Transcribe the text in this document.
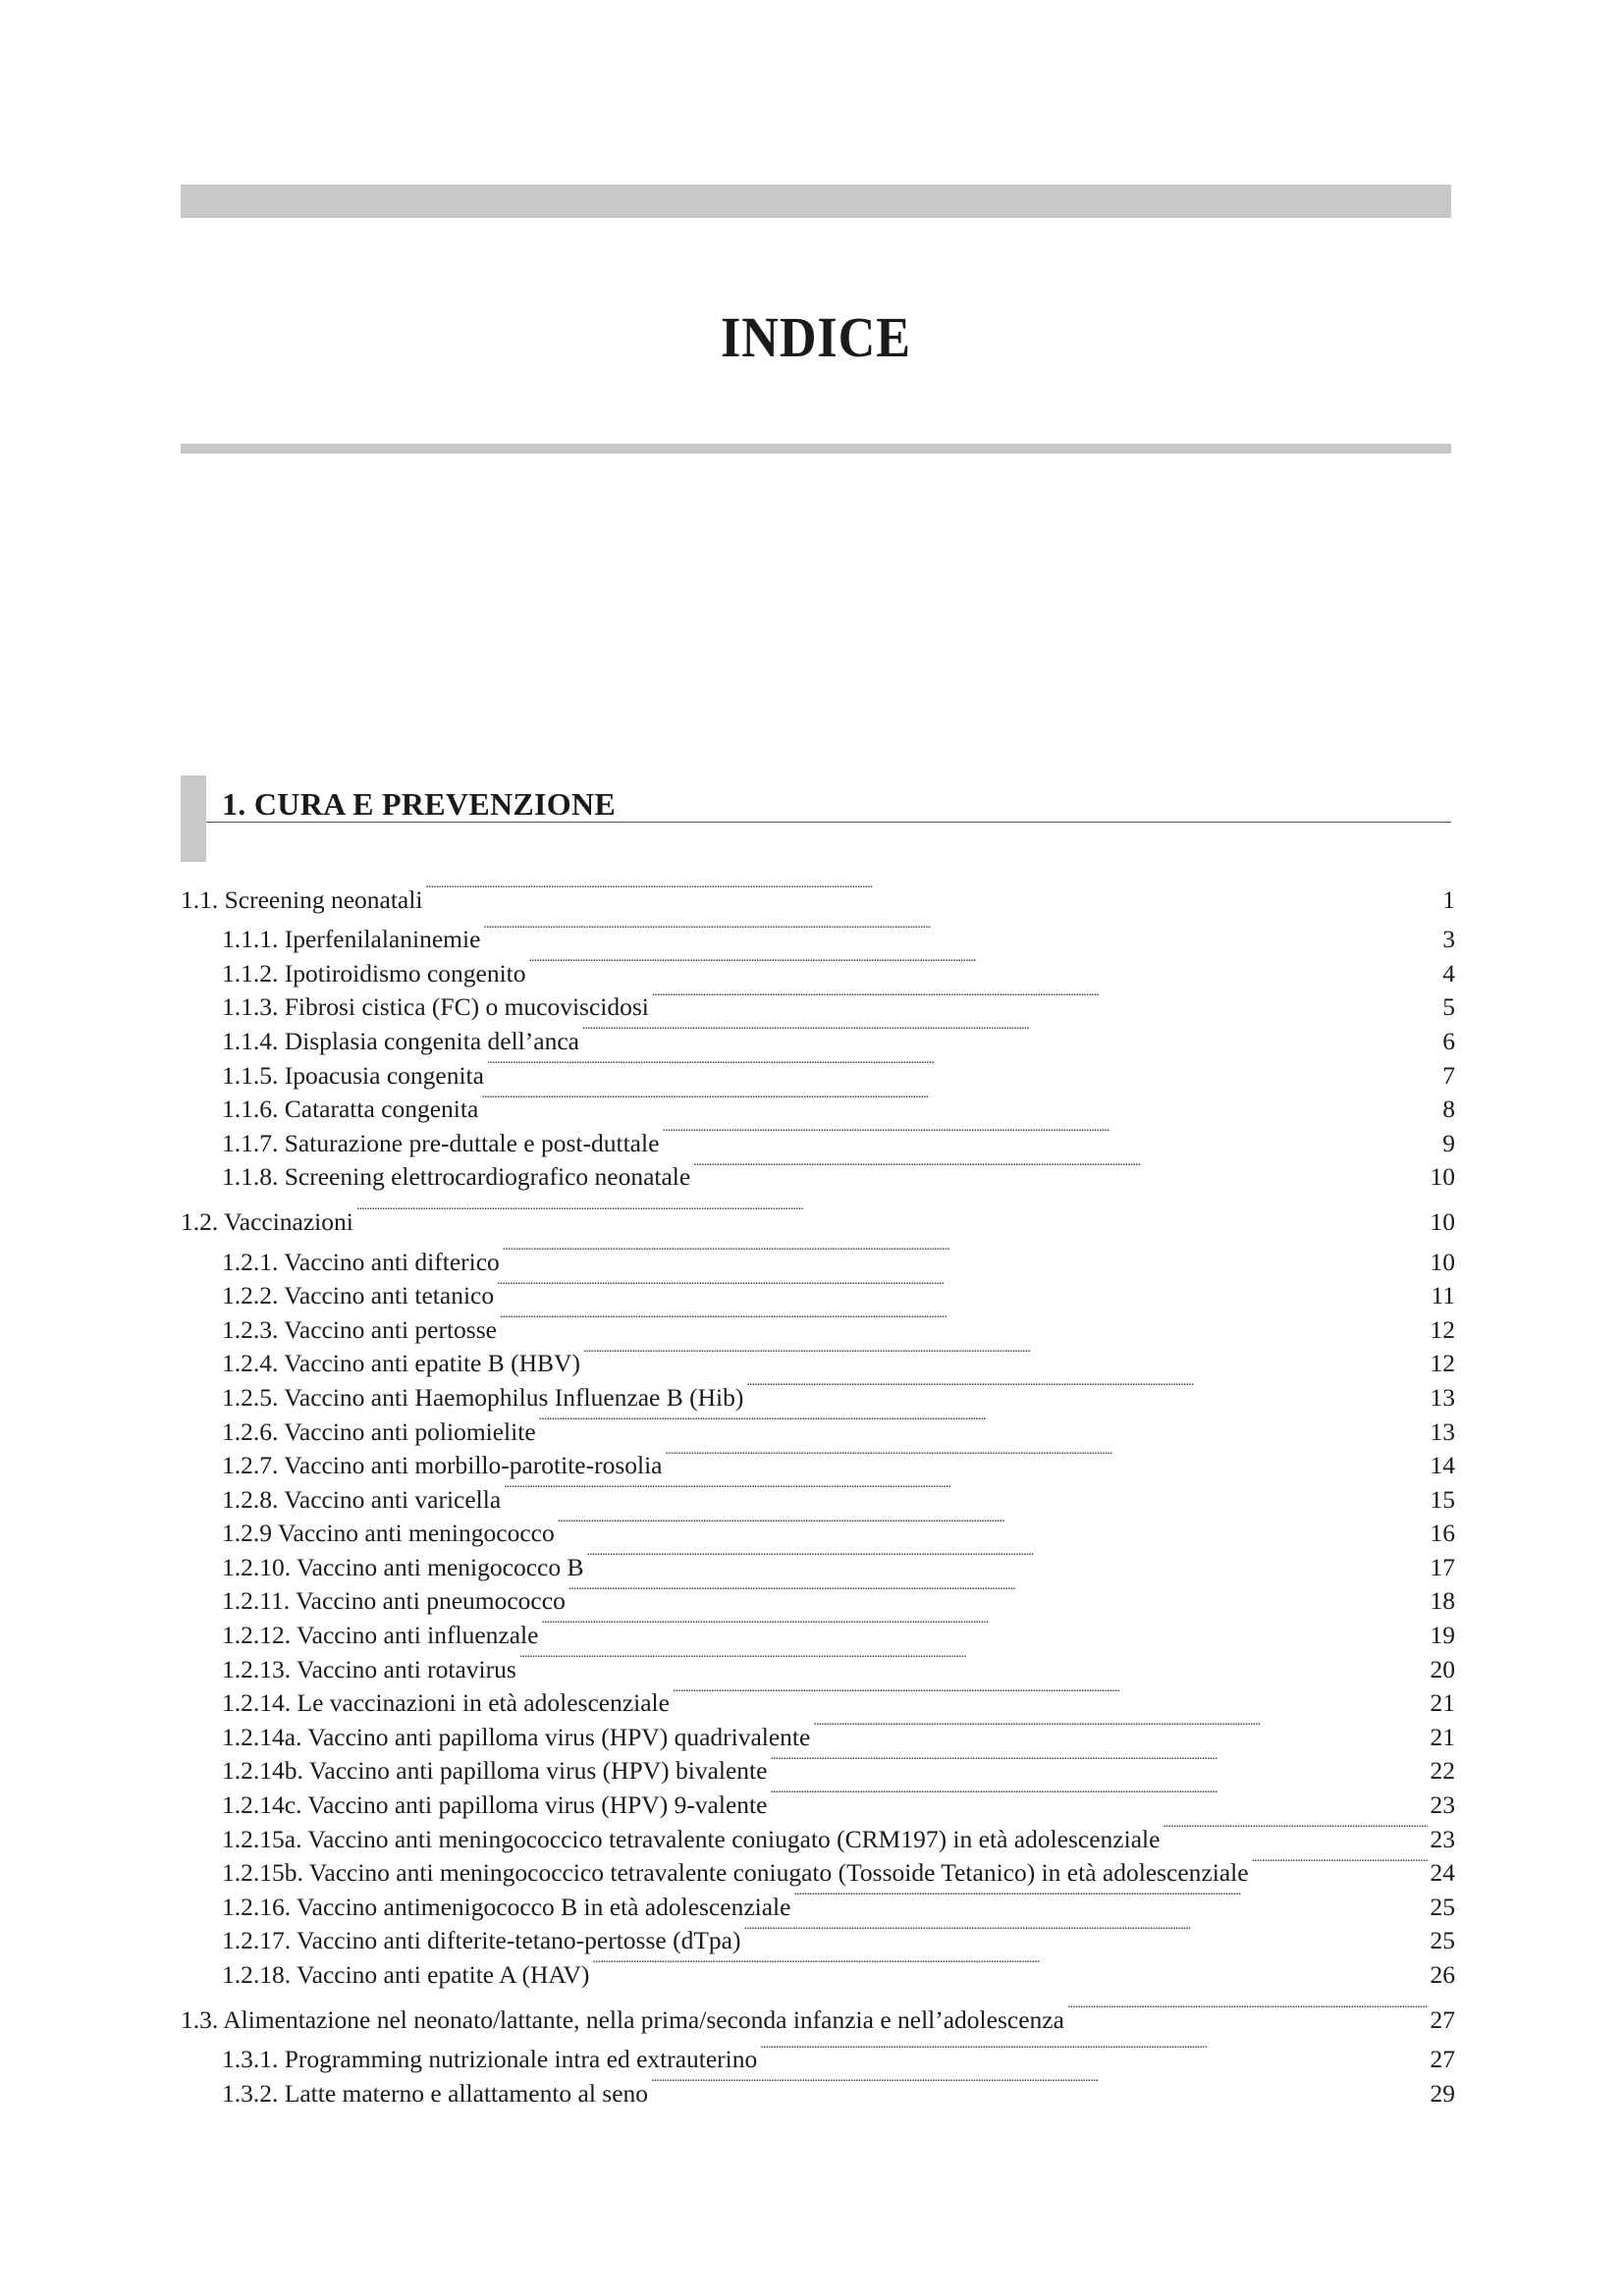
INDICE
1. CURA E PREVENZIONE
1.1. Screening neonatali . . .	1
1.1.1. Iperfenilalaninemie . . .	3
1.1.2. Ipotiroidismo congenito . . .	4
1.1.3. Fibrosi cistica (FC) o mucoviscidosi . . .	5
1.1.4. Displasia congenita dell’anca . . .	6
1.1.5. Ipoacusia congenita . . .	7
1.1.6. Cataratta congenita . . .	8
1.1.7. Saturazione pre-duttale e post-duttale . . .	9
1.1.8. Screening elettrocardiografico neonatale . . .	10
1.2. Vaccinazioni . . .	10
1.2.1. Vaccino anti difterico . . .	10
1.2.2. Vaccino anti tetanico . . .	11
1.2.3. Vaccino anti pertosse . . .	12
1.2.4. Vaccino anti epatite B (HBV) . . .	12
1.2.5. Vaccino anti Haemophilus Influenzae B (Hib) . . .	13
1.2.6. Vaccino anti poliomielite . . .	13
1.2.7. Vaccino anti morbillo-parotite-rosolia . . .	14
1.2.8. Vaccino anti varicella . . .	15
1.2.9 Vaccino anti meningococco . . .	16
1.2.10. Vaccino anti menigococco B . . .	17
1.2.11. Vaccino anti pneumococco . . .	18
1.2.12. Vaccino anti influenzale . . .	19
1.2.13. Vaccino anti rotavirus . . .	20
1.2.14. Le vaccinazioni in età adolescenziale . . .	21
1.2.14a. Vaccino anti papilloma virus (HPV) quadrivalente . . .	21
1.2.14b. Vaccino anti papilloma virus (HPV) bivalente . . .	22
1.2.14c. Vaccino anti papilloma virus (HPV) 9-valente . . .	23
1.2.15a. Vaccino anti meningococcico tetravalente coniugato (CRM197) in età adolescenziale . . .	23
1.2.15b. Vaccino anti meningococcico tetravalente coniugato (Tossoide Tetanico) in età adolescenziale . . .	24
1.2.16. Vaccino antimenigococco B in età adolescenziale . . .	25
1.2.17. Vaccino anti difterite-tetano-pertosse (dTpa) . . .	25
1.2.18. Vaccino anti epatite A (HAV) . . .	26
1.3. Alimentazione nel neonato/lattante, nella prima/seconda infanzia e nell’adolescenza . . .	27
1.3.1. Programming nutrizionale intra ed extrauterino . . .	27
1.3.2. Latte materno e allattamento al seno . . .	29
